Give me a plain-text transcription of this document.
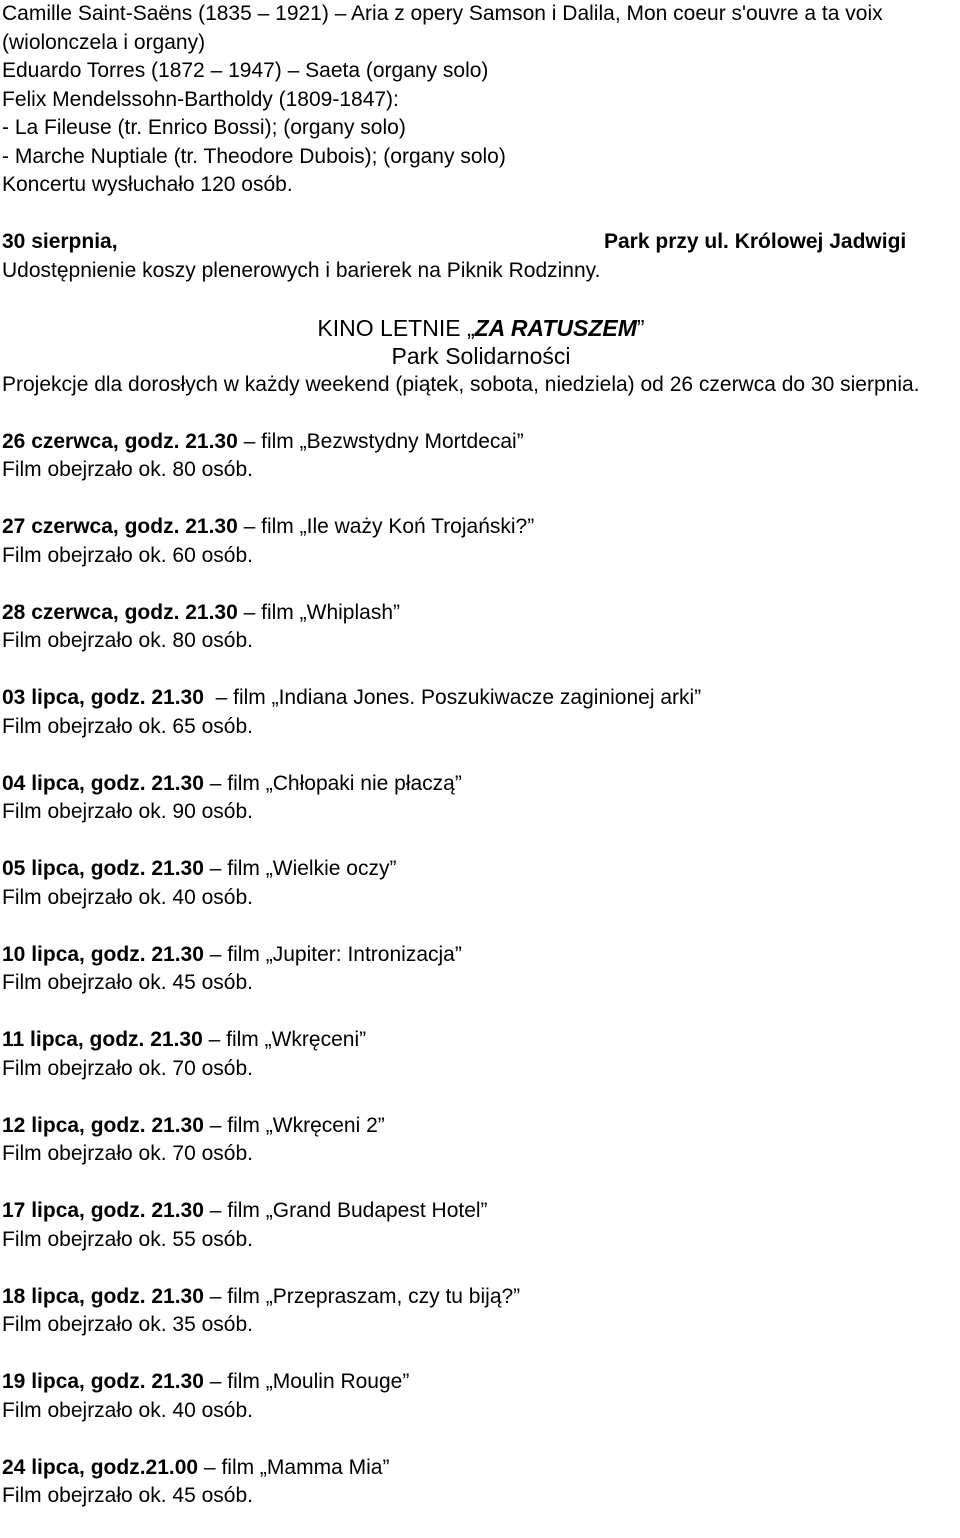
Camille Saint-Saëns (1835 – 1921) – Aria z opery Samson i Dalila, Mon coeur s'ouvre a ta voix
(wiolonczela i organy)
Eduardo Torres (1872 – 1947) – Saeta (organy solo)
Felix Mendelssohn-Bartholdy (1809-1847):
- La Fileuse (tr. Enrico Bossi); (organy solo)
- Marche Nuptiale (tr. Theodore Dubois); (organy solo)
Koncertu wysłuchało 120 osób.
30 sierpnia,	Park przy ul. Królowej Jadwigi
Udostępnienie koszy plenerowych i barierek na Piknik Rodzinny.
KINO LETNIE „ZA RATUSZEM”
Park Solidarności
Projekcje dla dorosłych w każdy weekend (piątek, sobota, niedziela) od 26 czerwca do 30 sierpnia.
26 czerwca, godz. 21.30 – film „Bezwstydny Mortdecai”
Film obejrzało ok. 80 osób.
27 czerwca, godz. 21.30 – film „Ile waży Koń Trojański?”
Film obejrzało ok. 60 osób.
28 czerwca, godz. 21.30 – film „Whiplash”
Film obejrzało ok. 80 osób.
03 lipca, godz. 21.30  – film „Indiana Jones. Poszukiwacze zaginionej arki”
Film obejrzało ok. 65 osób.
04 lipca, godz. 21.30 – film „Chłopaki nie płaczą”
Film obejrzało ok. 90 osób.
05 lipca, godz. 21.30 – film „Wielkie oczy”
Film obejrzało ok. 40 osób.
10 lipca, godz. 21.30 – film „Jupiter: Intronizacja”
Film obejrzało ok. 45 osób.
11 lipca, godz. 21.30 – film „Wkręceni”
Film obejrzało ok. 70 osób.
12 lipca, godz. 21.30 – film „Wkręceni 2”
Film obejrzało ok. 70 osób.
17 lipca, godz. 21.30 – film „Grand Budapest Hotel”
Film obejrzało ok. 55 osób.
18 lipca, godz. 21.30 – film „Przepraszam, czy tu biją?”
Film obejrzało ok. 35 osób.
19 lipca, godz. 21.30 – film „Moulin Rouge”
Film obejrzało ok. 40 osób.
24 lipca, godz.21.00 – film „Mamma Mia”
Film obejrzało ok. 45 osób.
